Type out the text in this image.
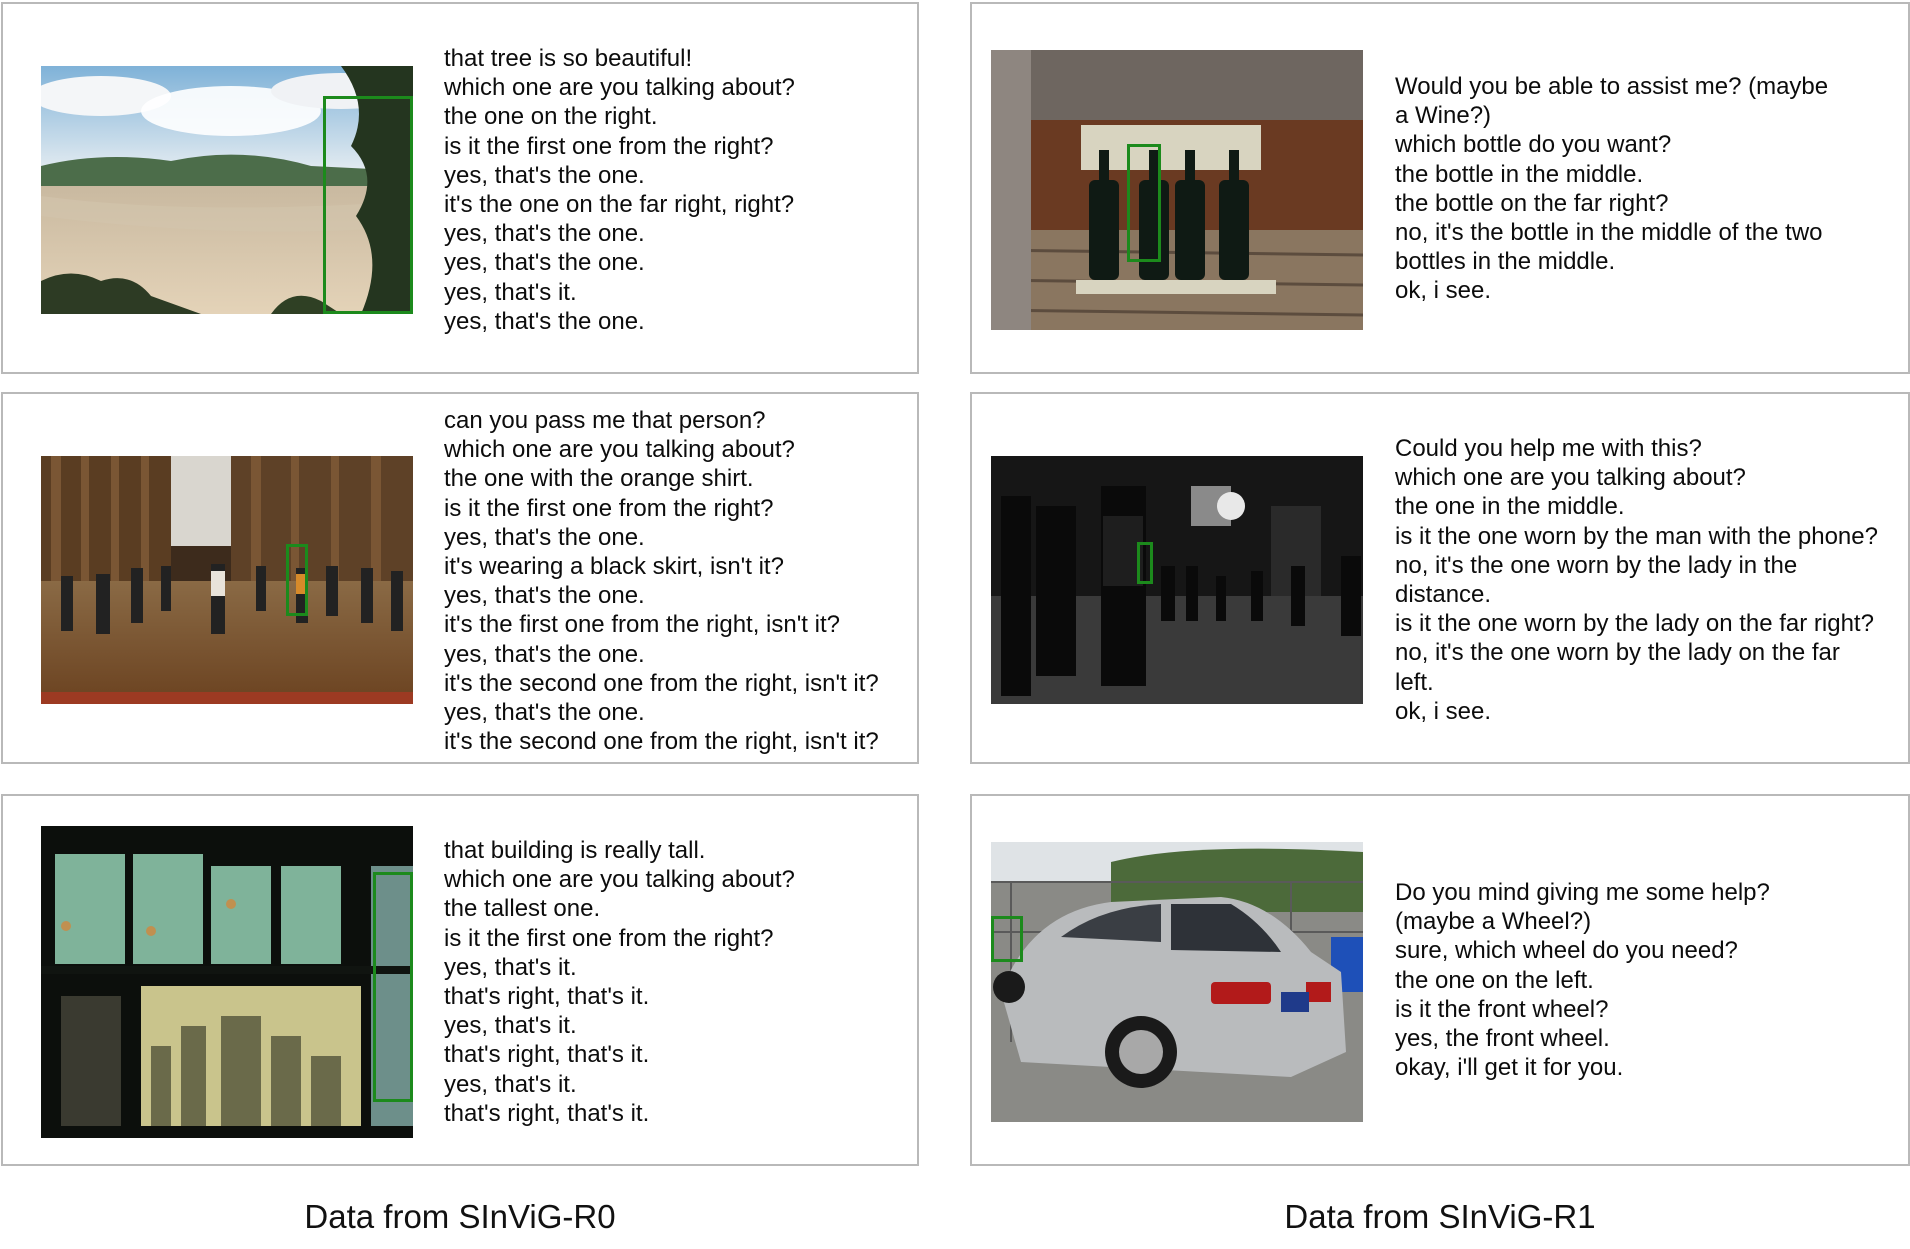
that tree is so beautiful!
which one are you talking about?
the one on the right.
is it the first one from the right?
yes, that's the one.
it's the one on the far right, right?
yes, that's the one.
yes, that's the one.
yes, that's it.
yes, that's the one.
can you pass me that person?
which one are you talking about?
the one with the orange shirt.
is it the first one from the right?
yes, that's the one.
it's wearing a black skirt, isn't it?
yes, that's the one.
it's the first one from the right, isn't it?
yes, that's the one.
it's the second one from the right, isn't it?
yes, that's the one.
it's the second one from the right, isn't it?
that building is really tall.
which one are you talking about?
the tallest one.
is it the first one from the right?
yes, that's it.
that's right, that's it.
yes, that's it.
that's right, that's it.
yes, that's it.
that's right, that's it.
Would you be able to assist me? (maybe
a Wine?)
which bottle do you want?
the bottle in the middle.
the bottle on the far right?
no, it's the bottle in the middle of the two
bottles in the middle.
ok, i see.
Could you help me with this?
which one are you talking about?
the one in the middle.
is it the one worn by the man with the phone?
no, it's the one worn by the lady in the
distance.
is it the one worn by the lady on the far right?
no, it's the one worn by the lady on the far
left.
ok, i see.
Do you mind giving me some help?
(maybe a Wheel?)
sure, which wheel do you need?
the one on the left.
is it the front wheel?
yes, the front wheel.
okay, i'll get it for you.
Data from SInViG-R0	Data from SInViG-R1
